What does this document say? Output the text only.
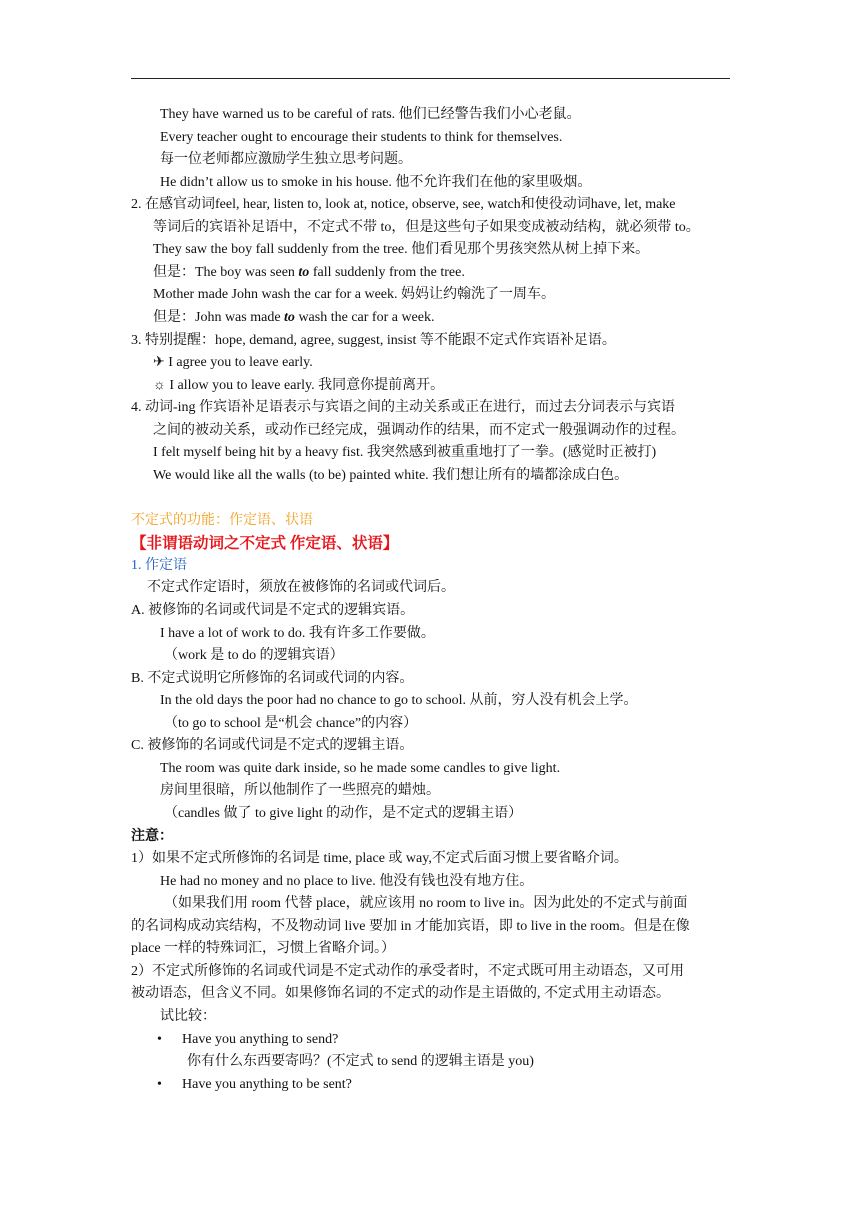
They have warned us to be careful of rats. 他们已经警告我们小心老鼠。
Every teacher ought to encourage their students to think for themselves.
每一位老师都应激励学生独立思考问题。
He didn’t allow us to smoke in his house. 他不允许我们在他的家里吸烟。
2. 在感官动词feel, hear, listen to, look at, notice, observe, see, watch和使役动词have, let, make
等词后的宾语补足语中，不定式不带 to，但是这些句子如果变成被动结构，就必须带 to。
They saw the boy fall suddenly from the tree. 他们看见那个男孩突然从树上掉下来。
但是：The boy was seen to fall suddenly from the tree.
Mother made John wash the car for a week. 妈妈让约翰洗了一周车。
但是：John was made to wash the car for a week.
3. 特别提醒：hope, demand, agree, suggest, insist 等不能跟不定式作宾语补足语。
✈ I agree you to leave early.
☼ I allow you to leave early. 我同意你提前离开。
4. 动词-ing 作宾语补足语表示与宾语之间的主动关系或正在进行，而过去分词表示与宾语
之间的被动关系，或动作已经完成，强调动作的结果，而不定式一般强调动作的过程。
I felt myself being hit by a heavy fist. 我突然感到被重重地打了一拳。(感觉时正被打)
We would like all the walls (to be) painted white. 我们想让所有的墙都涂成白色。
不定式的功能：作定语、状语
【非谓语动词之不定式 作定语、状语】
1. 作定语
不定式作定语时，须放在被修饰的名词或代词后。
A. 被修饰的名词或代词是不定式的逻辑宾语。
I have a lot of work to do. 我有许多工作要做。
（work 是 to do 的逻辑宾语）
B. 不定式说明它所修饰的名词或代词的内容。
In the old days the poor had no chance to go to school. 从前，穷人没有机会上学。
（to go to school 是“机会 chance”的内容）
C. 被修饰的名词或代词是不定式的逻辑主语。
The room was quite dark inside, so he made some candles to give light.
房间里很暗，所以他制作了一些照亮的蜡烛。
（candles 做了 to give light 的动作，是不定式的逻辑主语）
注意：
1）如果不定式所修饰的名词是 time, place 或 way,不定式后面习惯上要省略介词。
He had no money and no place to live. 他没有钱也没有地方住。
（如果我们用 room 代替 place，就应该用 no room to live in。因为此处的不定式与前面
的名词构成动宾结构，不及物动词 live 要加 in 才能加宾语，即 to live in the room。但是在像
place 一样的特殊词汇，习惯上省略介词。）
2）不定式所修饰的名词或代词是不定式动作的承受者时，不定式既可用主动语态，又可用
被动语态，但含义不同。如果修饰名词的不定式的动作是主语做的, 不定式用主动语态。
试比较：
• Have you anything to send?
你有什么东西要寄吗？(不定式 to send 的逻辑主语是 you)
• Have you anything to be sent?
